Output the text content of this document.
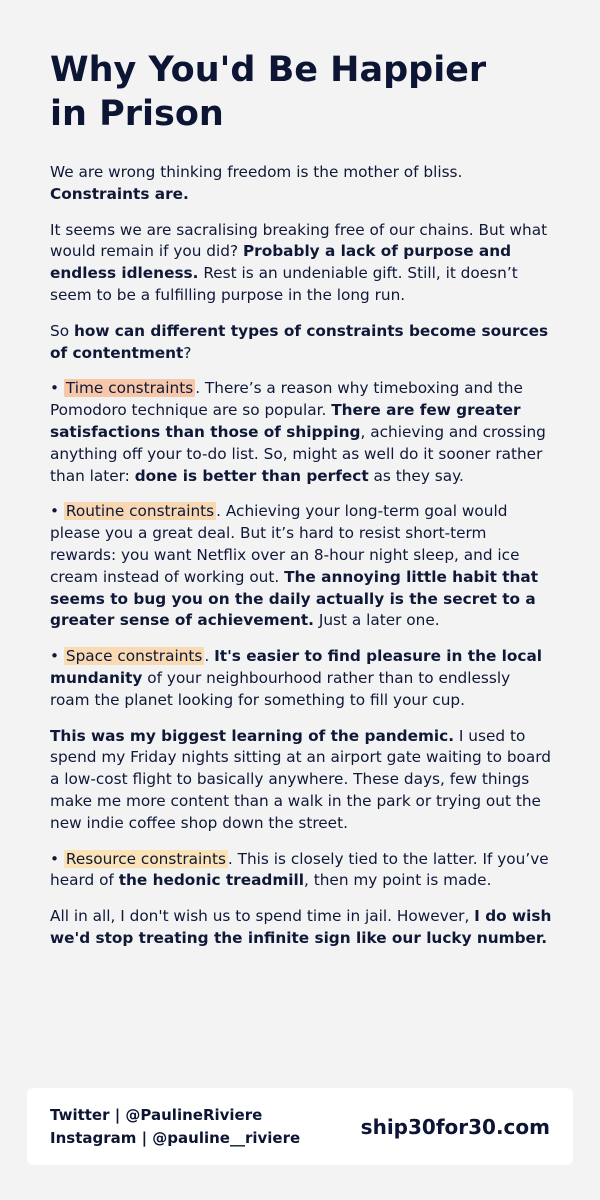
Why You'd Be Happier
in Prison

We are wrong thinking freedom is the mother of bliss. Constraints are.

It seems we are sacralising breaking free of our chains. But what would remain if you did? Probably a lack of purpose and endless idleness. Rest is an undeniable gift. Still, it doesn’t seem to be a fulfilling purpose in the long run.

So how can different types of constraints become sources of contentment?

• Time constraints . There’s a reason why timeboxing and the Pomodoro technique are so popular. There are few greater satisfactions than those of shipping, achieving and crossing anything off your to-do list. So, might as well do it sooner rather than later: done is better than perfect as they say.

• Routine constraints . Achieving your long-term goal would please you a great deal. But it’s hard to resist short-term rewards: you want Netflix over an 8-hour night sleep, and ice cream instead of working out. The annoying little habit that seems to bug you on the daily actually is the secret to a greater sense of achievement. Just a later one.

• Space constraints . It's easier to find pleasure in the local mundanity of your neighbourhood rather than to endlessly roam the planet looking for something to fill your cup.

This was my biggest learning of the pandemic. I used to spend my Friday nights sitting at an airport gate waiting to board a low-cost flight to basically anywhere. These days, few things make me more content than a walk in the park or trying out the new indie coffee shop down the street.

• Resource constraints . This is closely tied to the latter. If you’ve heard of the hedonic treadmill, then my point is made.

All in all, I don't wish us to spend time in jail. However, I do wish we'd stop treating the infinite sign like our lucky number.

Twitter | @PaulineRiviere
Instagram | @pauline__riviere	ship30for30.com
